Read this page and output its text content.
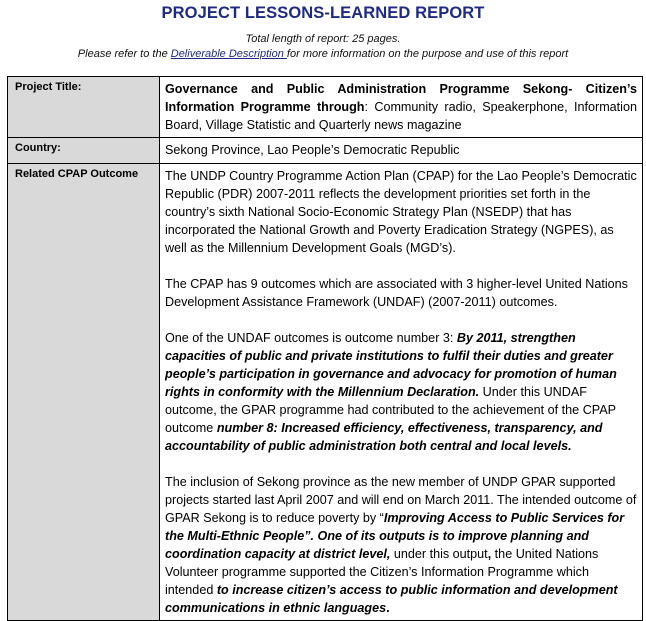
PROJECT LESSONS-LEARNED REPORT
Total length of report: 25 pages.
Please refer to the Deliverable Description for more information on the purpose and use of this report
Project Title:	Governance and Public Administration Programme Sekong- Citizen’s Information Programme through: Community radio, Speakerphone, Information Board, Village Statistic and Quarterly news magazine
Country:	Sekong Province, Lao People’s Democratic Republic
Related CPAP Outcome	The UNDP Country Programme Action Plan (CPAP) for the Lao People’s Democratic Republic (PDR) 2007-2011 reflects the development priorities set forth in the country’s sixth National Socio-Economic Strategy Plan (NSEDP) that has incorporated the National Growth and Poverty Eradication Strategy (NGPES), as well as the Millennium Development Goals (MGD’s).

The CPAP has 9 outcomes which are associated with 3 higher-level United Nations Development Assistance Framework (UNDAF) (2007-2011) outcomes.

One of the UNDAF outcomes is outcome number 3: By 2011, strengthen capacities of public and private institutions to fulfil their duties and greater people’s participation in governance and advocacy for promotion of human rights in conformity with the Millennium Declaration. Under this UNDAF outcome, the GPAR programme had contributed to the achievement of the CPAP outcome number 8: Increased efficiency, effectiveness, transparency, and accountability of public administration both central and local levels.

The inclusion of Sekong province as the new member of UNDP GPAR supported projects started last April 2007 and will end on March 2011. The intended outcome of GPAR Sekong is to reduce poverty by “Improving Access to Public Services for the Multi-Ethnic People”. One of its outputs is to improve planning and coordination capacity at district level, under this output, the United Nations Volunteer programme supported the Citizen’s Information Programme which intended to increase citizen’s access to public information and development communications in ethnic languages.
